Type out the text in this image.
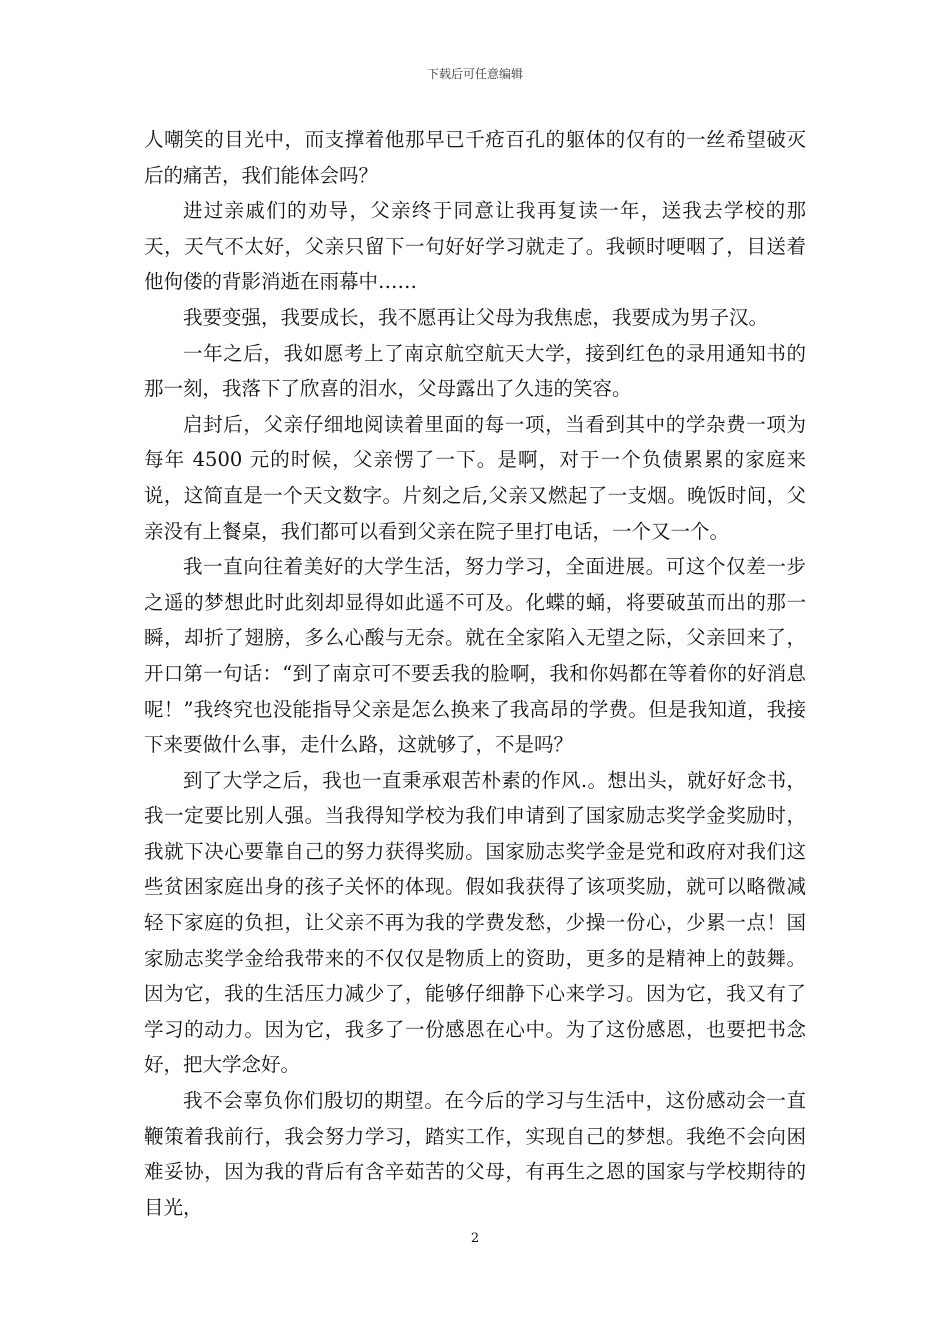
下载后可任意编辑

人嘲笑的目光中，而支撑着他那早已千疮百孔的躯体的仅有的一丝希望破灭后的痛苦，我们能体会吗？

进过亲戚们的劝导，父亲终于同意让我再复读一年，送我去学校的那天，天气不太好，父亲只留下一句好好学习就走了。我顿时哽咽了，目送着他佝偻的背影消逝在雨幕中……

我要变强，我要成长，我不愿再让父母为我焦虑，我要成为男子汉。

一年之后，我如愿考上了南京航空航天大学，接到红色的录用通知书的那一刻，我落下了欣喜的泪水，父母露出了久违的笑容。

启封后，父亲仔细地阅读着里面的每一项，当看到其中的学杂费一项为每年 4500 元的时候，父亲愣了一下。是啊，对于一个负债累累的家庭来说，这简直是一个天文数字。片刻之后,父亲又燃起了一支烟。晚饭时间，父亲没有上餐桌，我们都可以看到父亲在院子里打电话，一个又一个。

我一直向往着美好的大学生活，努力学习，全面进展。可这个仅差一步之遥的梦想此时此刻却显得如此遥不可及。化蝶的蛹，将要破茧而出的那一瞬，却折了翅膀，多么心酸与无奈。就在全家陷入无望之际，父亲回来了，开口第一句话：“到了南京可不要丢我的脸啊，我和你妈都在等着你的好消息呢！”我终究也没能指导父亲是怎么换来了我高昂的学费。但是我知道，我接下来要做什么事，走什么路，这就够了，不是吗？

到了大学之后，我也一直秉承艰苦朴素的作风.。想出头，就好好念书，我一定要比别人强。当我得知学校为我们申请到了国家励志奖学金奖励时，我就下决心要靠自己的努力获得奖励。国家励志奖学金是党和政府对我们这些贫困家庭出身的孩子关怀的体现。假如我获得了该项奖励，就可以略微减轻下家庭的负担，让父亲不再为我的学费发愁，少操一份心，少累一点！国家励志奖学金给我带来的不仅仅是物质上的资助，更多的是精神上的鼓舞。因为它，我的生活压力减少了，能够仔细静下心来学习。因为它，我又有了学习的动力。因为它，我多了一份感恩在心中。为了这份感恩，也要把书念好，把大学念好。

我不会辜负你们殷切的期望。在今后的学习与生活中，这份感动会一直鞭策着我前行，我会努力学习，踏实工作，实现自己的梦想。我绝不会向困难妥协，因为我的背后有含辛茹苦的父母，有再生之恩的国家与学校期待的目光，

2
